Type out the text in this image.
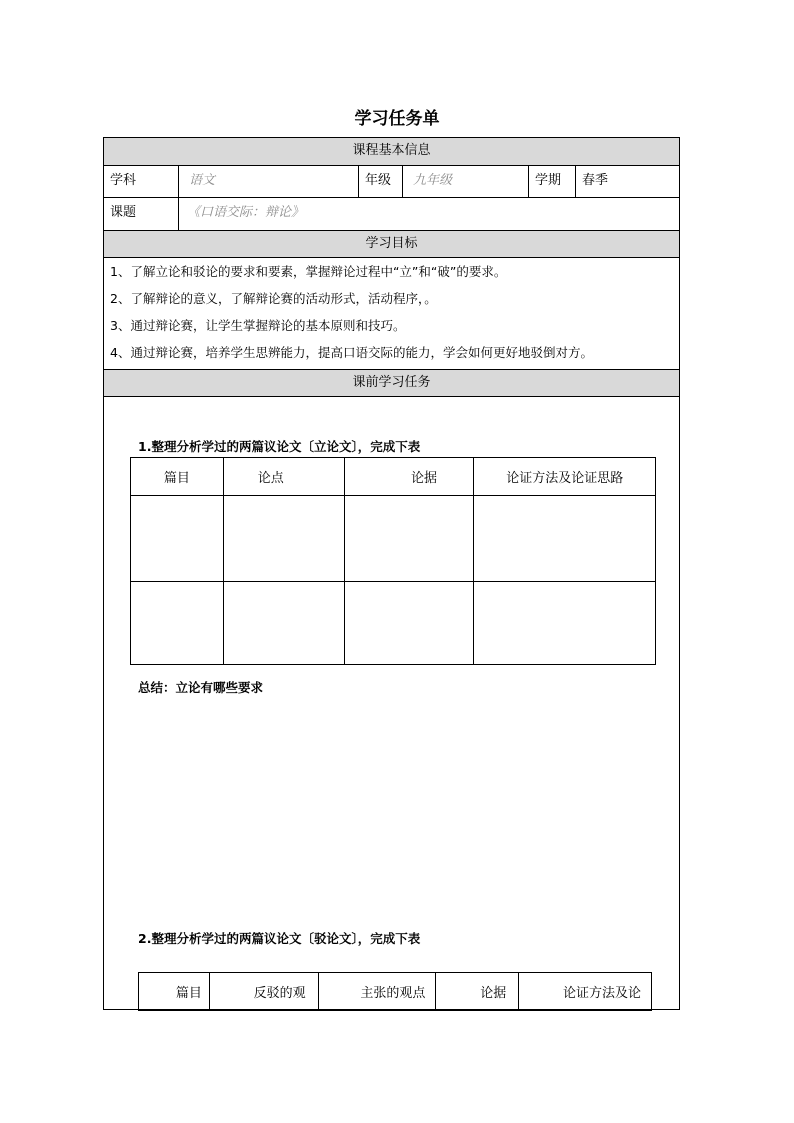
学习任务单
课程基本信息
学科	语文	年级	九年级	学期	春季
课题	《口语交际：辩论》
学习目标
1、了解立论和驳论的要求和要素，掌握辩论过程中“立”和“破”的要求。
2、了解辩论的意义，了解辩论赛的活动形式，活动程序，。
3、通过辩论赛，让学生掌握辩论的基本原则和技巧。
4、通过辩论赛，培养学生思辨能力，提高口语交际的能力，学会如何更好地驳倒对方。
课前学习任务
1.整理分析学过的两篇议论文〔立论文〕，完成下表
篇目	论点	论据	论证方法及论证思路

总结：立论有哪些要求
2.整理分析学过的两篇议论文〔驳论文〕，完成下表
篇目	反驳的观	主张的观点	论据	论证方法及论
